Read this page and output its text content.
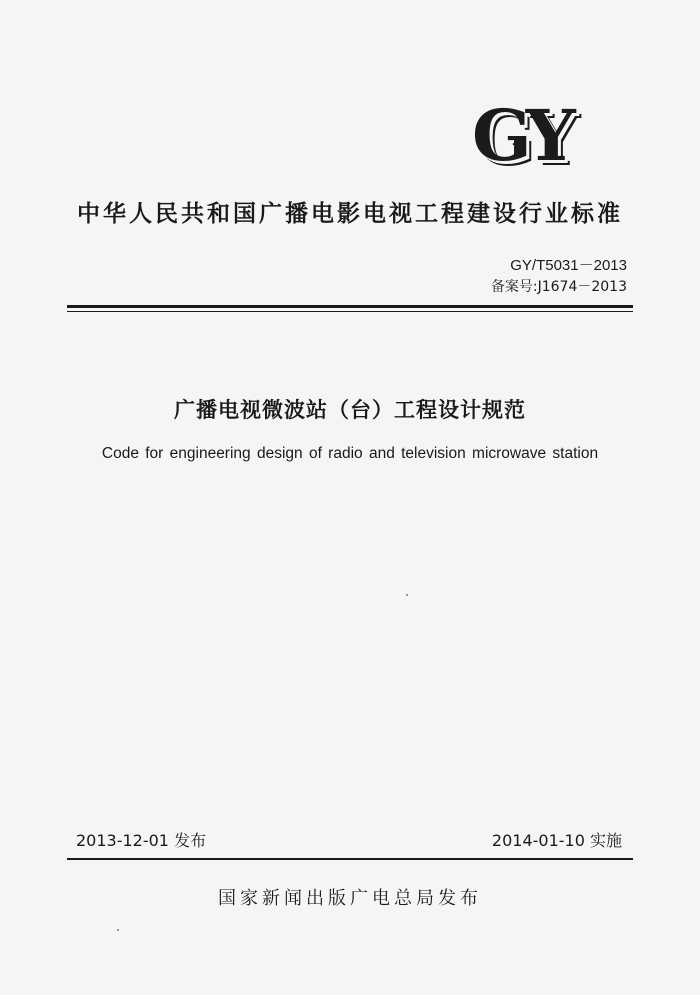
GY
中华人民共和国广播电影电视工程建设行业标准
GY/T5031－2013
备案号:J1674－2013
广播电视微波站（台）工程设计规范
Code for engineering design of radio and television microwave station
2013-12-01 发布	2014-01-10 实施
国家新闻出版广电总局发布
